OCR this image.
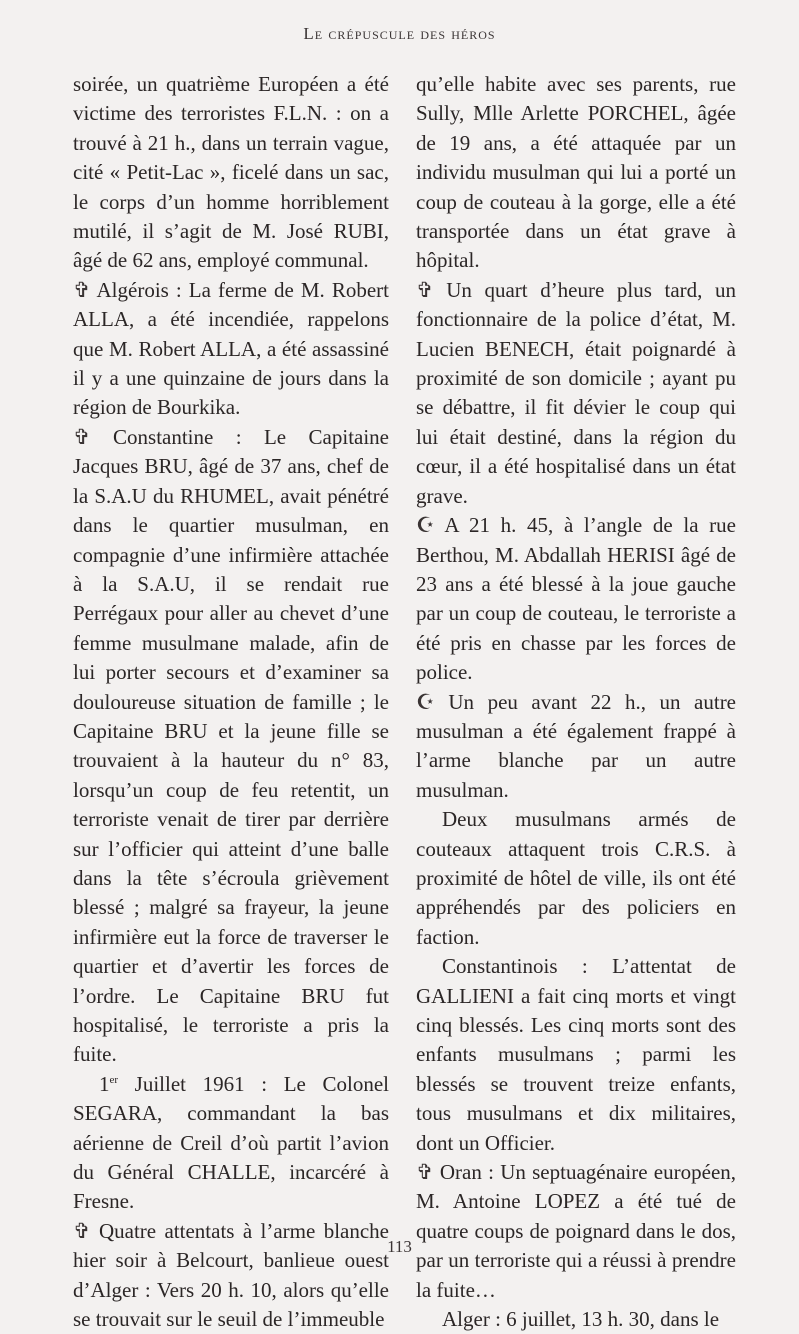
Le crépuscule des héros

soirée, un quatrième Européen a été victime des terroristes F.L.N. : on a trouvé à 21 h., dans un terrain vague, cité « Petit-Lac », ficelé dans un sac, le corps d’un homme horriblement mutilé, il s’agit de M. José RUBI, âgé de 62 ans, employé communal.

✞ Algérois : La ferme de M. Robert ALLA, a été incendiée, rappelons que M. Robert ALLA, a été assassiné il y a une quinzaine de jours dans la région de Bourkika.

✞ Constantine : Le Capitaine Jacques BRU, âgé de 37 ans, chef de la S.A.U du RHUMEL, avait pénétré dans le quartier musulman, en compagnie d’une infirmière attachée à la S.A.U, il se rendait rue Perrégaux pour aller au chevet d’une femme musulmane malade, afin de lui porter secours et d’examiner sa douloureuse situation de famille ; le Capitaine BRU et la jeune fille se trouvaient à la hauteur du n° 83, lorsqu’un coup de feu retentit, un terroriste venait de tirer par derrière sur l’officier qui atteint d’une balle dans la tête s’écroula grièvement blessé ; malgré sa frayeur, la jeune infirmière eut la force de traverser le quartier et d’avertir les forces de l’ordre. Le Capitaine BRU fut hospitalisé, le terroriste a pris la fuite.

1er Juillet 1961 : Le Colonel SEGARA, commandant la bas aérienne de Creil d’où partit l’avion du Général CHALLE, incarcéré à Fresne.

✞ Quatre attentats à l’arme blanche hier soir à Belcourt, banlieue ouest d’Alger : Vers 20 h. 10, alors qu’elle se trouvait sur le seuil de l’immeuble

qu’elle habite avec ses parents, rue Sully, Mlle Arlette PORCHEL, âgée de 19 ans, a été attaquée par un individu musulman qui lui a porté un coup de couteau à la gorge, elle a été transportée dans un état grave à hôpital.

✞ Un quart d’heure plus tard, un fonctionnaire de la police d’état, M. Lucien BENECH, était poignardé à proximité de son domicile ; ayant pu se débattre, il fit dévier le coup qui lui était destiné, dans la région du cœur, il a été hospitalisé dans un état grave.

☪ A 21 h. 45, à l’angle de la rue Berthou, M. Abdallah HERISI âgé de 23 ans a été blessé à la joue gauche par un coup de couteau, le terroriste a été pris en chasse par les forces de police.

☪ Un peu avant 22 h., un autre musulman a été également frappé à l’arme blanche par un autre musulman.

Deux musulmans armés de couteaux attaquent trois C.R.S. à proximité de hôtel de ville, ils ont été appréhendés par des policiers en faction.

Constantinois : L’attentat de GALLIENI a fait cinq morts et vingt cinq blessés. Les cinq morts sont des enfants musulmans ; parmi les blessés se trouvent treize enfants, tous musulmans et dix militaires, dont un Officier.

✞ Oran : Un septuagénaire européen, M. Antoine LOPEZ a été tué de quatre coups de poignard dans le dos, par un terroriste qui a réussi à prendre la fuite…

Alger : 6 juillet, 13 h. 30, dans le

113
